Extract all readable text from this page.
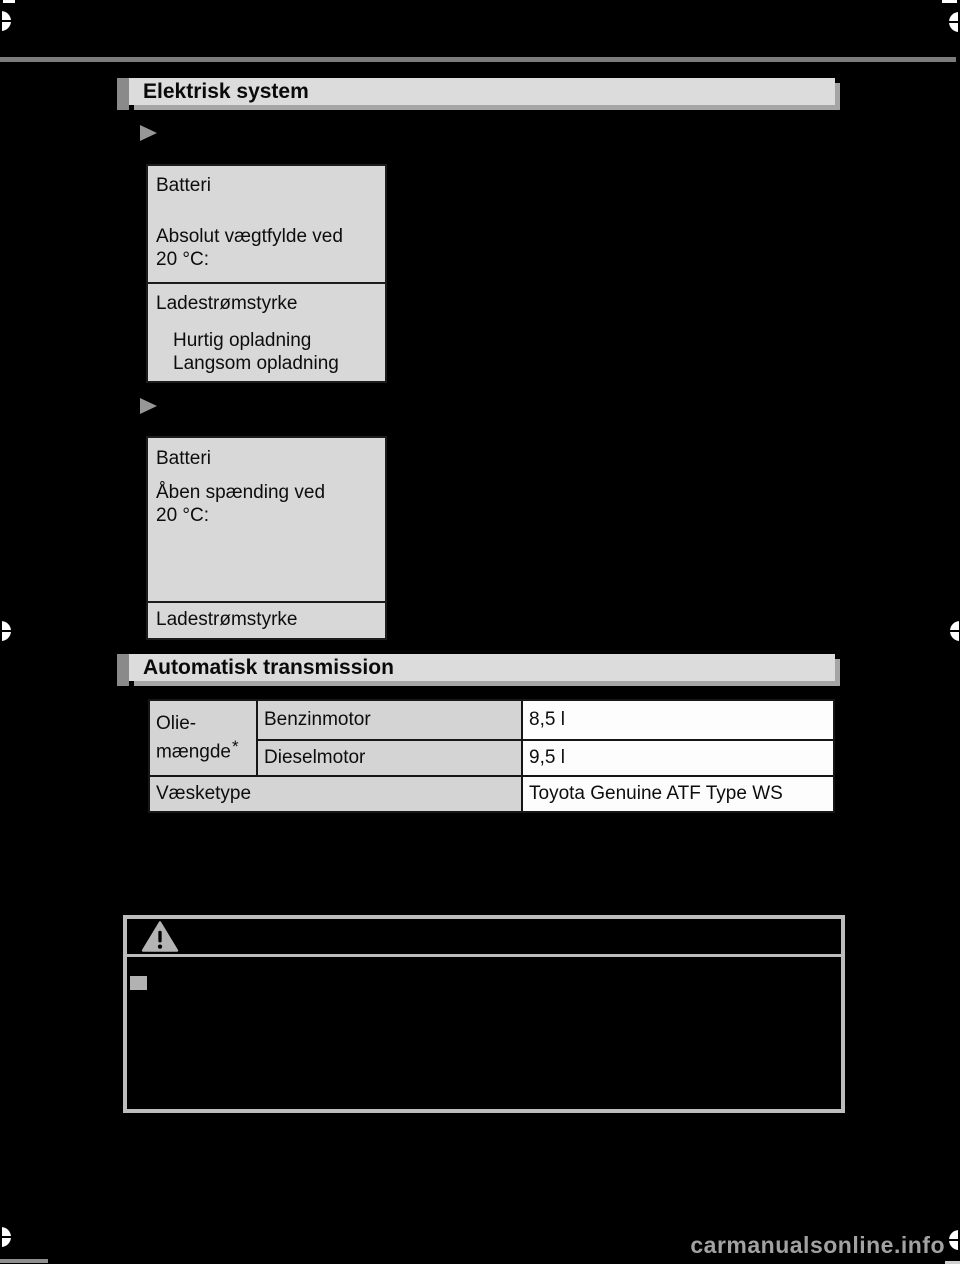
Elektrisk system
Batteri
Absolut vægtfylde ved
20 °C:
Ladestrømstyrke
Hurtig opladning
Langsom opladning
Batteri
Åben spænding ved
20 °C:
Ladestrømstyrke
Automatisk transmission
Olie-
mængde*	Benzinmotor	8,5 l
	Dieselmotor	9,5 l
Væsketype		Toyota Genuine ATF Type WS
carmanualsonline.info
